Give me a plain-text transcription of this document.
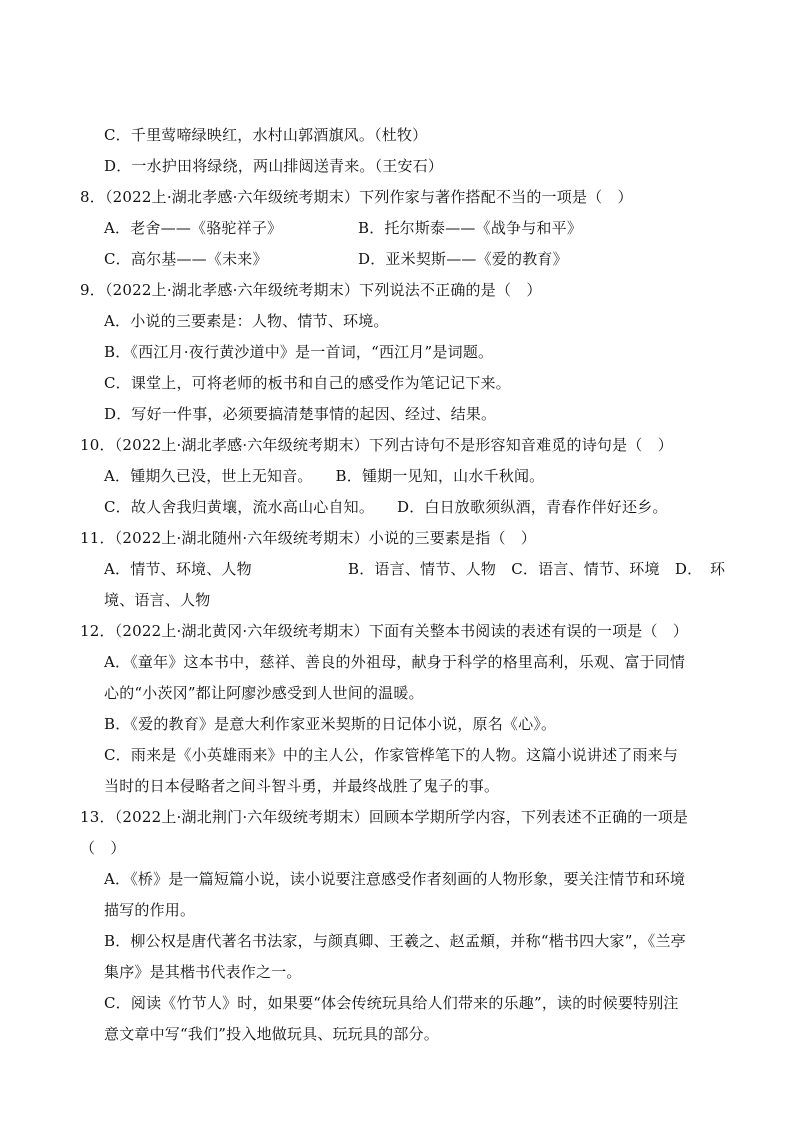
C．千里莺啼绿映红，水村山郭酒旗风。（杜牧）
D．一水护田将绿绕，两山排闼送青来。（王安石）
8．（2022上·湖北孝感·六年级统考期末）下列作家与著作搭配不当的一项是（　）
A．老舍——《骆驼祥子》	B．托尔斯泰——《战争与和平》
C．高尔基——《未来》	D．亚米契斯——《爱的教育》
9．（2022上·湖北孝感·六年级统考期末）下列说法不正确的是（　）
A．小说的三要素是：人物、情节、环境。
B．《西江月·夜行黄沙道中》是一首词，“西江月”是词题。
C．课堂上，可将老师的板书和自己的感受作为笔记记下来。
D．写好一件事，必须要搞清楚事情的起因、经过、结果。
10．（2022上·湖北孝感·六年级统考期末）下列古诗句不是形容知音难觅的诗句是（　）
A．锺期久已没，世上无知音。　　B．锺期一见知，山水千秋闻。
C．故人舍我归黄壤，流水高山心自知。　　D．白日放歌须纵酒，青春作伴好还乡。
11．（2022上·湖北随州·六年级统考期末）小说的三要素是指（　）
A．情节、环境、人物	B．语言、情节、人物　C．语言、情节、环境　D．　环
境、语言、人物
12．（2022上·湖北黄冈·六年级统考期末）下面有关整本书阅读的表述有误的一项是（　）
A．《童年》这本书中，慈祥、善良的外祖母，献身于科学的格里高利，乐观、富于同情
心的“小茨冈”都让阿廖沙感受到人世间的温暖。
B．《爱的教育》是意大利作家亚米契斯的日记体小说，原名《心》。
C．雨来是《小英雄雨来》中的主人公，作家管桦笔下的人物。这篇小说讲述了雨来与
当时的日本侵略者之间斗智斗勇，并最终战胜了鬼子的事。
13．（2022上·湖北荆门·六年级统考期末）回顾本学期所学内容，下列表述不正确的一项是
（　）
A．《桥》是一篇短篇小说，读小说要注意感受作者刻画的人物形象，要关注情节和环境
描写的作用。
B．柳公权是唐代著名书法家，与颜真卿、王羲之、赵孟頫，并称“楷书四大家”，《兰亭
集序》是其楷书代表作之一。
C．阅读《竹节人》时，如果要“体会传统玩具给人们带来的乐趣”，读的时候要特别注
意文章中写“我们”投入地做玩具、玩玩具的部分。
